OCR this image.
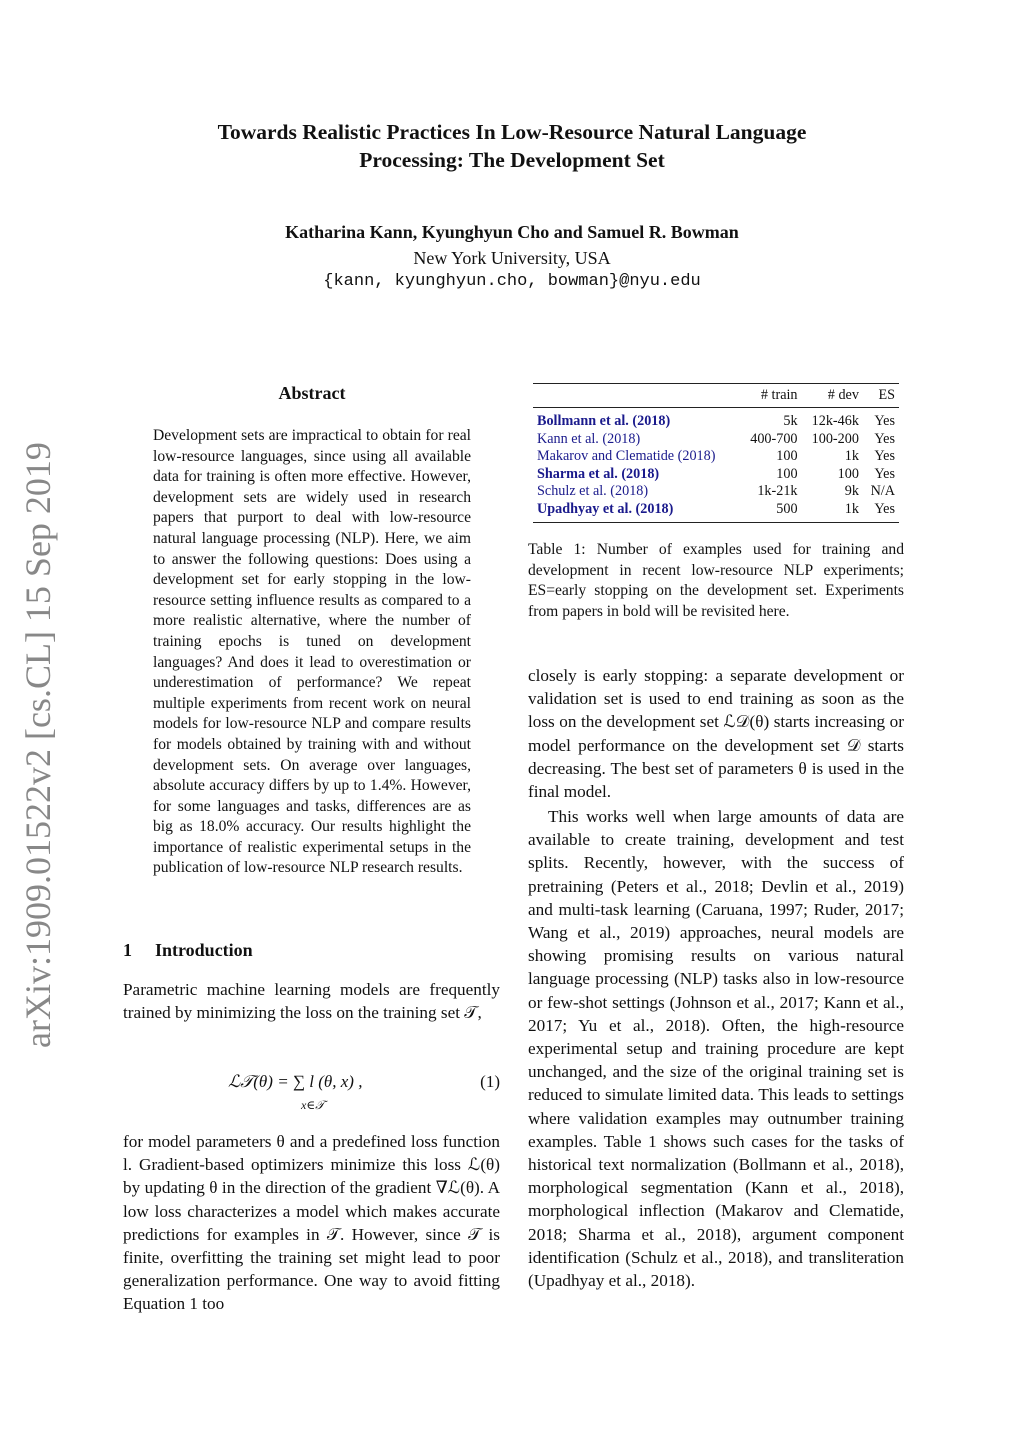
Towards Realistic Practices In Low-Resource Natural Language
Processing: The Development Set
Katharina Kann, Kyunghyun Cho and Samuel R. Bowman
New York University, USA
{kann, kyunghyun.cho, bowman}@nyu.edu
arXiv:1909.01522v2 [cs.CL] 15 Sep 2019
Abstract
Development sets are impractical to obtain for real low-resource languages, since using all available data for training is often more effective. However, development sets are widely used in research papers that purport to deal with low-resource natural language processing (NLP). Here, we aim to answer the following questions: Does using a development set for early stopping in the low-resource setting influence results as compared to a more realistic alternative, where the number of training epochs is tuned on development languages? And does it lead to overestimation or underestimation of performance? We repeat multiple experiments from recent work on neural models for low-resource NLP and compare results for models obtained by training with and without development sets. On average over languages, absolute accuracy differs by up to 1.4%. However, for some languages and tasks, differences are as big as 18.0% accuracy. Our results highlight the importance of realistic experimental setups in the publication of low-resource NLP research results.
1 Introduction
Parametric machine learning models are frequently trained by minimizing the loss on the training set 𝒯,
ℒ𝒯(θ) = ∑ l (θ, x) ,
x∈𝒯
(1)
for model parameters θ and a predefined loss function l. Gradient-based optimizers minimize this loss ℒ(θ) by updating θ in the direction of the gradient ∇ℒ(θ). A low loss characterizes a model which makes accurate predictions for examples in 𝒯. However, since 𝒯 is finite, overfitting the training set might lead to poor generalization performance. One way to avoid fitting Equation 1 too
	# train	# dev	ES
Bollmann et al. (2018)	5k	12k-46k	Yes
Kann et al. (2018)	400-700	100-200	Yes
Makarov and Clematide (2018)	100	1k	Yes
Sharma et al. (2018)	100	100	Yes
Schulz et al. (2018)	1k-21k	9k	N/A
Upadhyay et al. (2018)	500	1k	Yes
Table 1: Number of examples used for training and development in recent low-resource NLP experiments; ES=early stopping on the development set. Experiments from papers in bold will be revisited here.
closely is early stopping: a separate development or validation set is used to end training as soon as the loss on the development set ℒ𝒟(θ) starts increasing or model performance on the development set 𝒟 starts decreasing. The best set of parameters θ is used in the final model.
This works well when large amounts of data are available to create training, development and test splits. Recently, however, with the success of pretraining (Peters et al., 2018; Devlin et al., 2019) and multi-task learning (Caruana, 1997; Ruder, 2017; Wang et al., 2019) approaches, neural models are showing promising results on various natural language processing (NLP) tasks also in low-resource or few-shot settings (Johnson et al., 2017; Kann et al., 2017; Yu et al., 2018). Often, the high-resource experimental setup and training procedure are kept unchanged, and the size of the original training set is reduced to simulate limited data. This leads to settings where validation examples may outnumber training examples. Table 1 shows such cases for the tasks of historical text normalization (Bollmann et al., 2018), morphological segmentation (Kann et al., 2018), morphological inflection (Makarov and Clematide, 2018; Sharma et al., 2018), argument component identification (Schulz et al., 2018), and transliteration (Upadhyay et al., 2018).
